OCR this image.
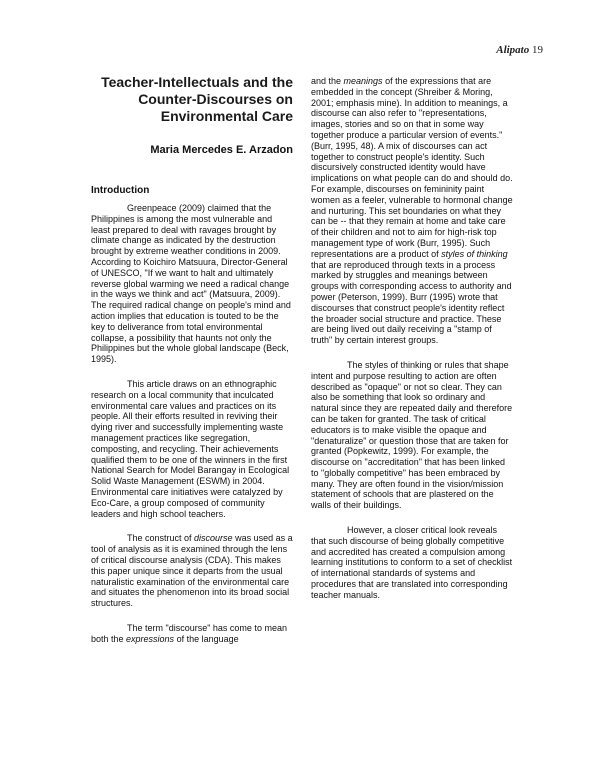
Alipato 19
Teacher-Intellectuals and the Counter-Discourses on Environmental Care
Maria Mercedes E. Arzadon
Introduction

Greenpeace (2009) claimed that the Philippines is among the most vulnerable and least prepared to deal with ravages brought by climate change as indicated by the destruction brought by extreme weather conditions in 2009. According to Koichiro Matsuura, Director-General of UNESCO, "If we want to halt and ultimately reverse global warming we need a radical change in the ways we think and act" (Matsuura, 2009). The required radical change on people's mind and action implies that education is touted to be the key to deliverance from total environmental collapse, a possibility that haunts not only the Philippines but the whole global landscape (Beck, 1995).

This article draws on an ethnographic research on a local community that inculcated environmental care values and practices on its people. All their efforts resulted in reviving their dying river and successfully implementing waste management practices like segregation, composting, and recycling. Their achievements qualified them to be one of the winners in the first National Search for Model Barangay in Ecological Solid Waste Management (ESWM) in 2004. Environmental care initiatives were catalyzed by Eco-Care, a group composed of community leaders and high school teachers.

The construct of discourse was used as a tool of analysis as it is examined through the lens of critical discourse analysis (CDA). This makes this paper unique since it departs from the usual naturalistic examination of the environmental care and situates the phenomenon into its broad social structures.

The term "discourse" has come to mean both the expressions of the language

and the meanings of the expressions that are embedded in the concept (Shreiber & Moring, 2001; emphasis mine). In addition to meanings, a discourse can also refer to "representations, images, stories and so on that in some way together produce a particular version of events." (Burr, 1995, 48). A mix of discourses can act together to construct people's identity. Such discursively constructed identity would have implications on what people can do and should do. For example, discourses on femininity paint women as a feeler, vulnerable to hormonal change and nurturing. This set boundaries on what they can be -- that they remain at home and take care of their children and not to aim for high-risk top management type of work (Burr, 1995). Such representations are a product of styles of thinking that are reproduced through texts in a process marked by struggles and meanings between groups with corresponding access to authority and power (Peterson, 1999). Burr (1995) wrote that discourses that construct people's identity reflect the broader social structure and practice. These are being lived out daily receiving a "stamp of truth" by certain interest groups.

The styles of thinking or rules that shape intent and purpose resulting to action are often described as "opaque" or not so clear. They can also be something that look so ordinary and natural since they are repeated daily and therefore can be taken for granted. The task of critical educators is to make visible the opaque and "denaturalize" or question those that are taken for granted (Popkewitz, 1999). For example, the discourse on "accreditation" that has been linked to "globally competitive" has been embraced by many. They are often found in the vision/mission statement of schools that are plastered on the walls of their buildings.

However, a closer critical look reveals that such discourse of being globally competitive and accredited has created a compulsion among learning institutions to conform to a set of checklist of international standards of systems and procedures that are translated into corresponding teacher manuals.
